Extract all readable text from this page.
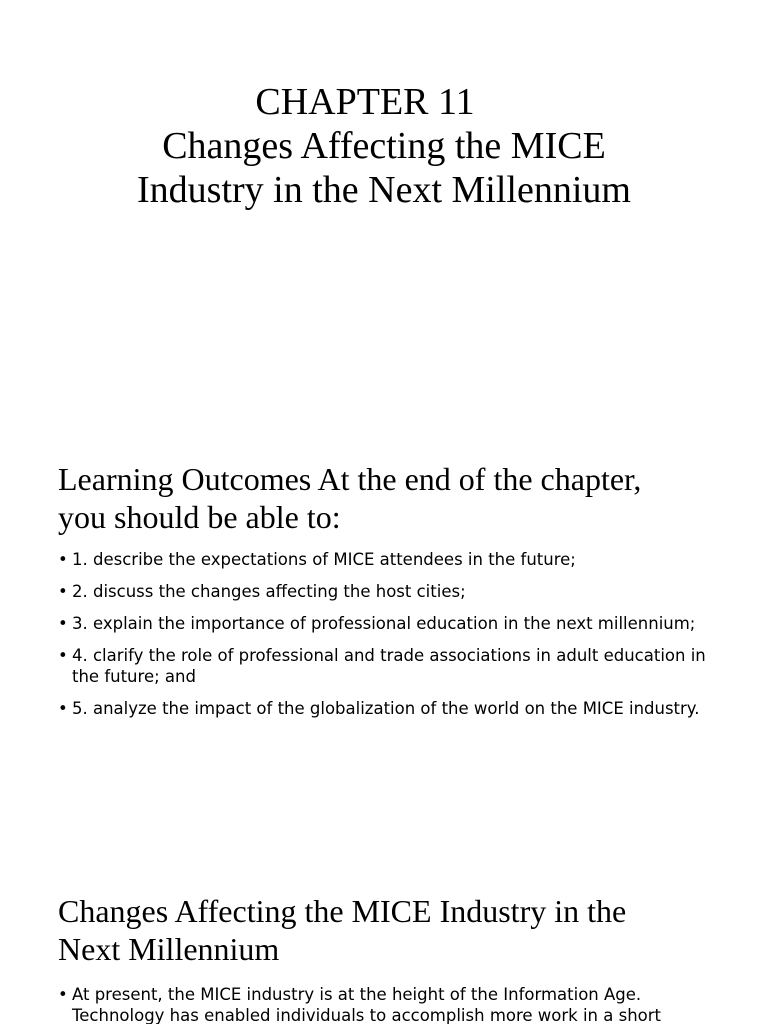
CHAPTER 11
Changes Affecting the MICE
Industry in the Next Millennium
Learning Outcomes At the end of the chapter,
you should be able to:
• 1. describe the expectations of MICE attendees in the future;
• 2. discuss the changes affecting the host cities;
• 3. explain the importance of professional education in the next millennium;
• 4. clarify the role of professional and trade associations in adult education in the future; and
• 5. analyze the impact of the globalization of the world on the MICE industry.
Changes Affecting the MICE Industry in the
Next Millennium
• At present, the MICE industry is at the height of the Information Age. Technology has enabled individuals to accomplish more work in a short
